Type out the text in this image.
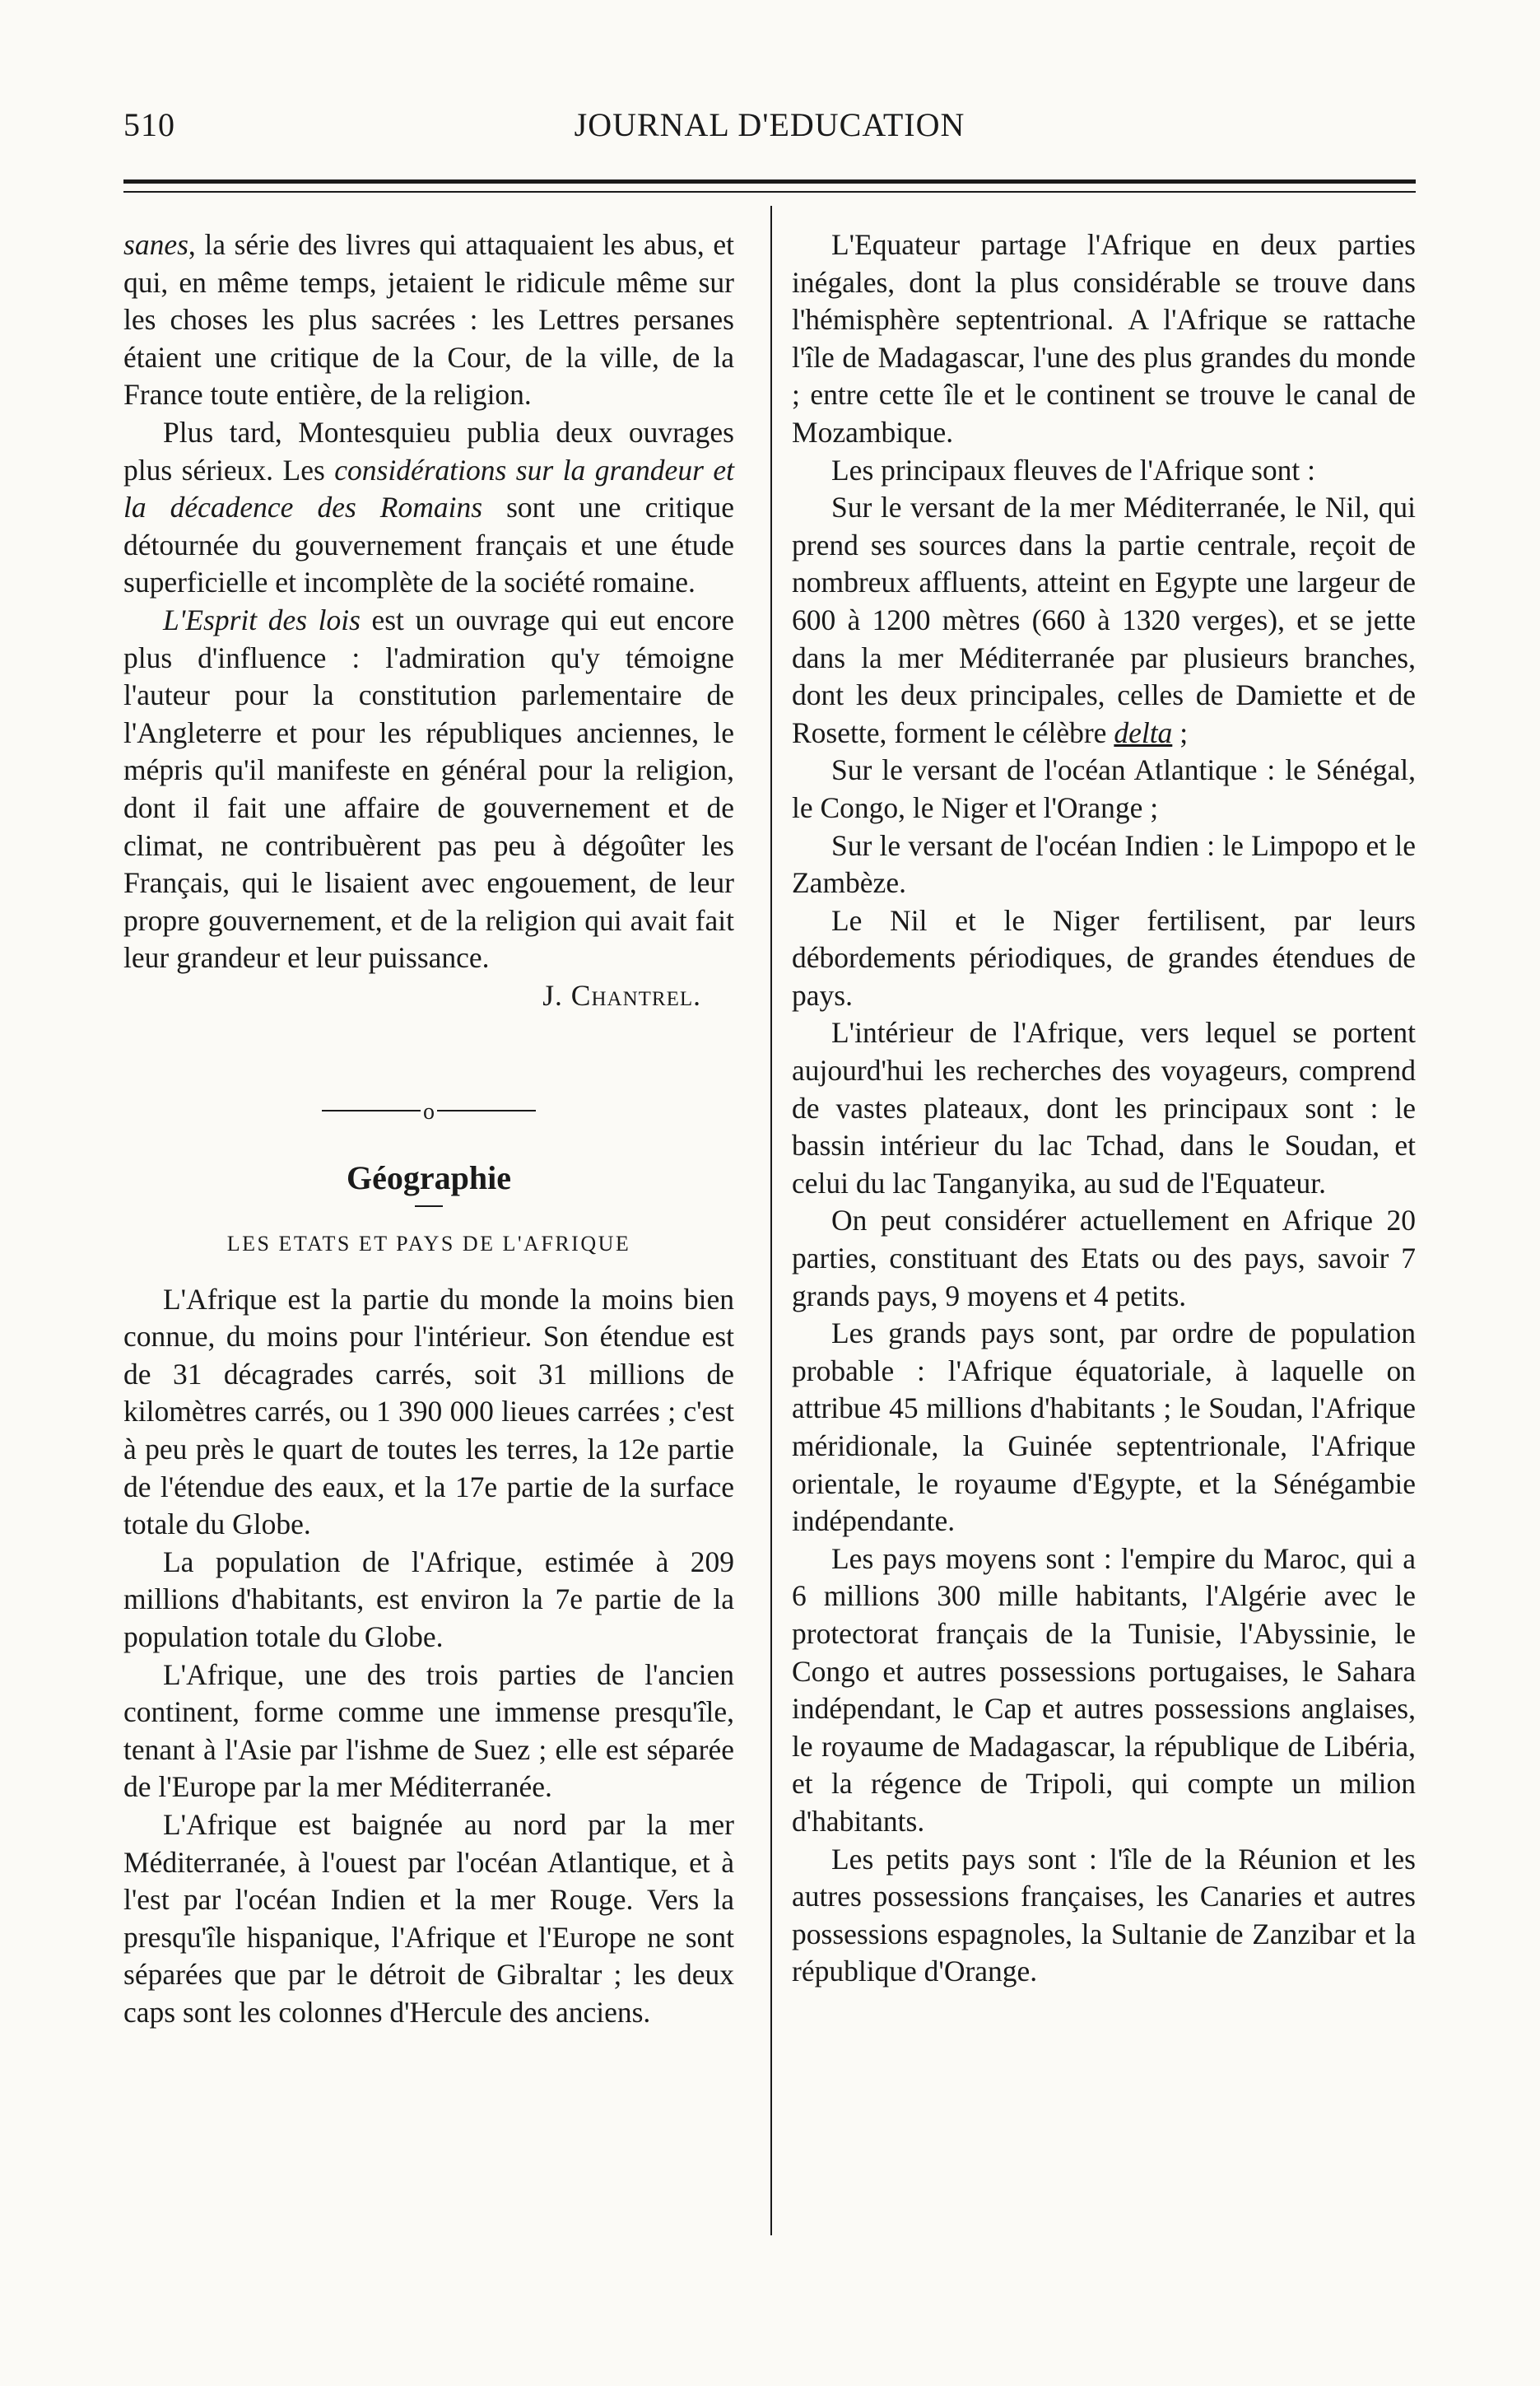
510	JOURNAL D'EDUCATION

sanes, la série des livres qui attaquaient les abus, et qui, en même temps, jetaient le ridicule même sur les choses les plus sacrées : les Lettres persanes étaient une critique de la Cour, de la ville, de la France toute entière, de la religion.

Plus tard, Montesquieu publia deux ouvrages plus sérieux. Les considérations sur la grandeur et la décadence des Romains sont une critique détournée du gouvernement français et une étude superficielle et incomplète de la société romaine.

L'Esprit des lois est un ouvrage qui eut encore plus d'influence : l'admiration qu'y témoigne l'auteur pour la constitution parlementaire de l'Angleterre et pour les républiques anciennes, le mépris qu'il manifeste en général pour la religion, dont il fait une affaire de gouvernement et de climat, ne contribuèrent pas peu à dégoûter les Français, qui le lisaient avec engouement, de leur propre gouvernement, et de la religion qui avait fait leur grandeur et leur puissance.

J. Chantrel.

o
Géographie
LES ETATS ET PAYS DE L'AFRIQUE

L'Afrique est la partie du monde la moins bien connue, du moins pour l'intérieur. Son étendue est de 31 décagrades carrés, soit 31 millions de kilomètres carrés, ou 1 390 000 lieues carrées ; c'est à peu près le quart de toutes les terres, la 12e partie de l'étendue des eaux, et la 17e partie de la surface totale du Globe.

La population de l'Afrique, estimée à 209 millions d'habitants, est environ la 7e partie de la population totale du Globe.

L'Afrique, une des trois parties de l'ancien continent, forme comme une immense presqu'île, tenant à l'Asie par l'ishme de Suez ; elle est séparée de l'Europe par la mer Méditerranée.

L'Afrique est baignée au nord par la mer Méditerranée, à l'ouest par l'océan Atlantique, et à l'est par l'océan Indien et la mer Rouge. Vers la presqu'île hispanique, l'Afrique et l'Europe ne sont séparées que par le détroit de Gibraltar ; les deux caps sont les colonnes d'Hercule des anciens.

L'Equateur partage l'Afrique en deux parties inégales, dont la plus considérable se trouve dans l'hémisphère septentrional. A l'Afrique se rattache l'île de Madagascar, l'une des plus grandes du monde ; entre cette île et le continent se trouve le canal de Mozambique.

Les principaux fleuves de l'Afrique sont :

Sur le versant de la mer Méditerranée, le Nil, qui prend ses sources dans la partie centrale, reçoit de nombreux affluents, atteint en Egypte une largeur de 600 à 1200 mètres (660 à 1320 verges), et se jette dans la mer Méditerranée par plusieurs branches, dont les deux principales, celles de Damiette et de Rosette, forment le célèbre delta ;

Sur le versant de l'océan Atlantique : le Sénégal, le Congo, le Niger et l'Orange ;

Sur le versant de l'océan Indien : le Limpopo et le Zambèze.

Le Nil et le Niger fertilisent, par leurs débordements périodiques, de grandes étendues de pays.

L'intérieur de l'Afrique, vers lequel se portent aujourd'hui les recherches des voyageurs, comprend de vastes plateaux, dont les principaux sont : le bassin intérieur du lac Tchad, dans le Soudan, et celui du lac Tanganyika, au sud de l'Equateur.

On peut considérer actuellement en Afrique 20 parties, constituant des Etats ou des pays, savoir 7 grands pays, 9 moyens et 4 petits.

Les grands pays sont, par ordre de population probable : l'Afrique équatoriale, à laquelle on attribue 45 millions d'habitants ; le Soudan, l'Afrique méridionale, la Guinée septentrionale, l'Afrique orientale, le royaume d'Egypte, et la Sénégambie indépendante.

Les pays moyens sont : l'empire du Maroc, qui a 6 millions 300 mille habitants, l'Algérie avec le protectorat français de la Tunisie, l'Abyssinie, le Congo et autres possessions portugaises, le Sahara indépendant, le Cap et autres possessions anglaises, le royaume de Madagascar, la république de Libéria, et la régence de Tripoli, qui compte un milion d'habitants.

Les petits pays sont : l'île de la Réunion et les autres possessions françaises, les Canaries et autres possessions espagnoles, la Sultanie de Zanzibar et la république d'Orange.
